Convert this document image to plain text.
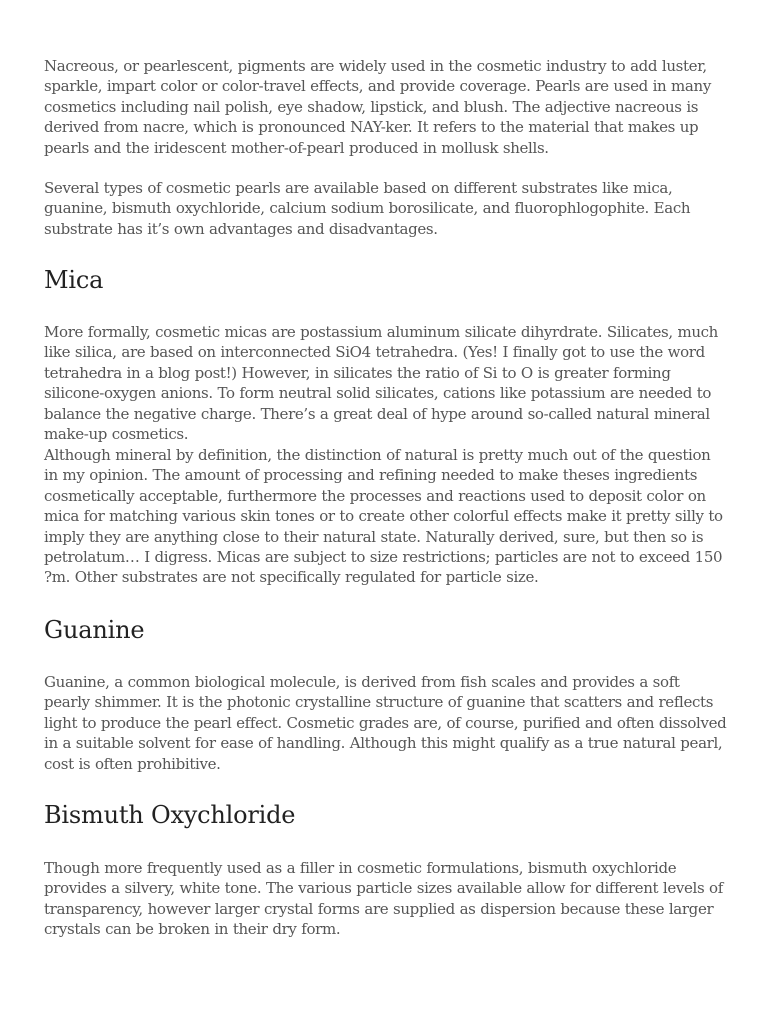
Nacreous, or pearlescent, pigments are widely used in the cosmetic industry to add luster, sparkle, impart color or color-travel effects, and provide coverage. Pearls are used in many cosmetics including nail polish, eye shadow, lipstick, and blush. The adjective nacreous is derived from nacre, which is pronounced NAY-ker. It refers to the material that makes up pearls and the iridescent mother-of-pearl produced in mollusk shells.

Several types of cosmetic pearls are available based on different substrates like mica, guanine, bismuth oxychloride, calcium sodium borosilicate, and fluorophlogophite. Each substrate has it’s own advantages and disadvantages.

Mica

More formally, cosmetic micas are postassium aluminum silicate dihyrdrate. Silicates, much like silica, are based on interconnected SiO4 tetrahedra. (Yes! I finally got to use the word tetrahedra in a blog post!) However, in silicates the ratio of Si to O is greater forming silicone-oxygen anions. To form neutral solid silicates, cations like potassium are needed to balance the negative charge. There’s a great deal of hype around so-called natural mineral make-up cosmetics.

Although mineral by definition, the distinction of natural is pretty much out of the question in my opinion. The amount of processing and refining needed to make theses ingredients cosmetically acceptable, furthermore the processes and reactions used to deposit color on mica for matching various skin tones or to create other colorful effects make it pretty silly to imply they are anything close to their natural state. Naturally derived, sure, but then so is petrolatum… I digress. Micas are subject to size restrictions; particles are not to exceed 150 ?m. Other substrates are not specifically regulated for particle size.

Guanine

Guanine, a common biological molecule, is derived from fish scales and provides a soft pearly shimmer. It is the photonic crystalline structure of guanine that scatters and reflects light to produce the pearl effect. Cosmetic grades are, of course, purified and often dissolved in a suitable solvent for ease of handling. Although this might qualify as a true natural pearl, cost is often prohibitive.

Bismuth Oxychloride

Though more frequently used as a filler in cosmetic formulations, bismuth oxychloride provides a silvery, white tone. The various particle sizes available allow for different levels of transparency, however larger crystal forms are supplied as dispersion because these larger crystals can be broken in their dry form.
